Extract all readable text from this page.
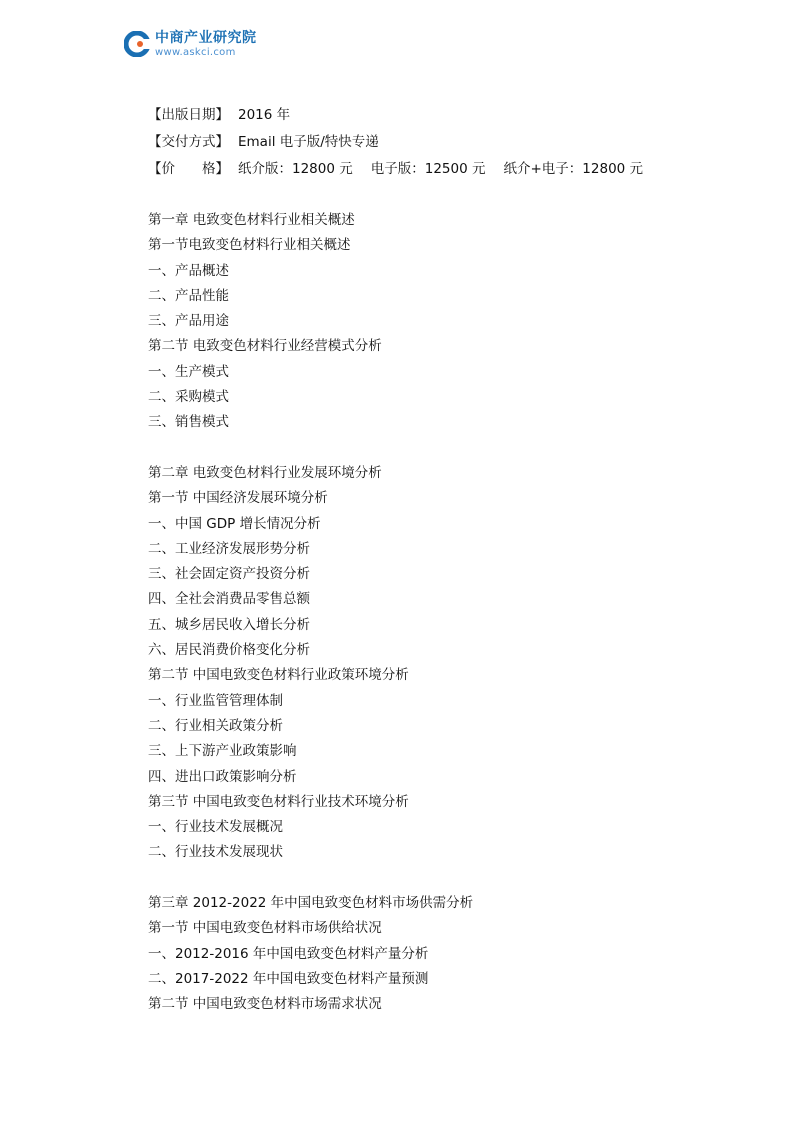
中商产业研究院
www.askci.com
【出版日期】 2016 年
【交付方式】 Email 电子版/特快专递
【价　　格】 纸介版：12800 元 电子版：12500 元 纸介+电子：12800 元
第一章 电致变色材料行业相关概述
第一节电致变色材料行业相关概述
一、产品概述
二、产品性能
三、产品用途
第二节 电致变色材料行业经营模式分析
一、生产模式
二、采购模式
三、销售模式
第二章 电致变色材料行业发展环境分析
第一节 中国经济发展环境分析
一、中国 GDP 增长情况分析
二、工业经济发展形势分析
三、社会固定资产投资分析
四、全社会消费品零售总额
五、城乡居民收入增长分析
六、居民消费价格变化分析
第二节 中国电致变色材料行业政策环境分析
一、行业监管管理体制
二、行业相关政策分析
三、上下游产业政策影响
四、进出口政策影响分析
第三节 中国电致变色材料行业技术环境分析
一、行业技术发展概况
二、行业技术发展现状
第三章 2012-2022 年中国电致变色材料市场供需分析
第一节 中国电致变色材料市场供给状况
一、2012-2016 年中国电致变色材料产量分析
二、2017-2022 年中国电致变色材料产量预测
第二节 中国电致变色材料市场需求状况
